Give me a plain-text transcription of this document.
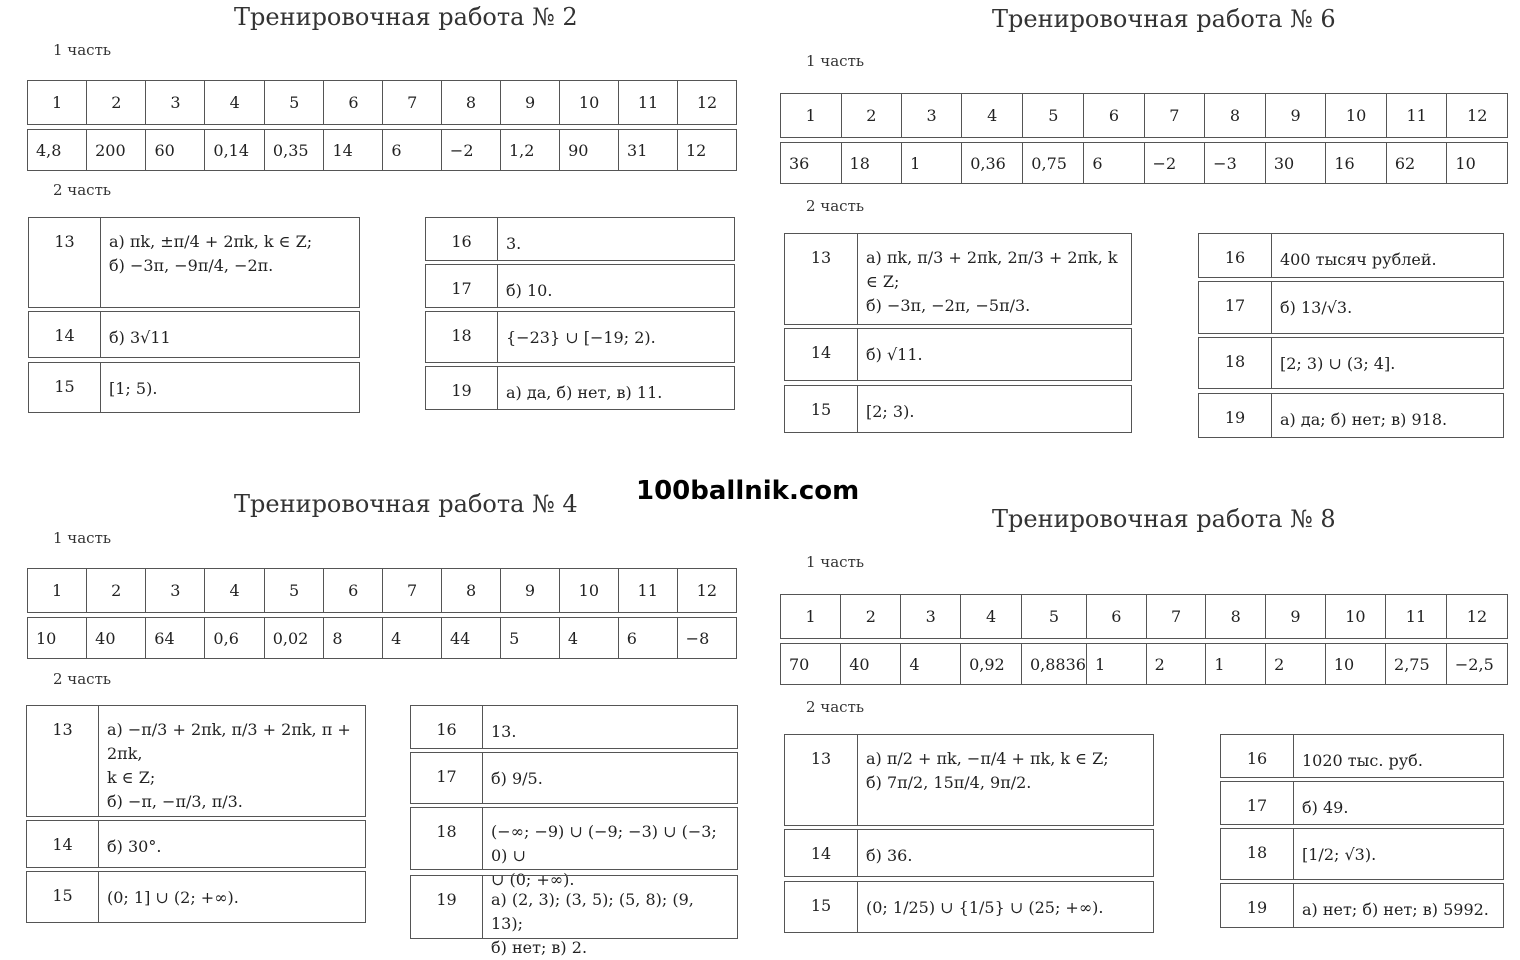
100ballnik.com
Тренировочная работа № 2
1 часть
1	2	3	4	5	6	7	8	9	10	11	12
4,8	200	60	0,14	0,35	14	6	−2	1,2	90	31	12
2 часть
13	а) πk, ±π/4 + 2πk, k ∈ Z;
б) −3π, −9π/4, −2π.
14	б) 3√11
15	[1; 5).
16	3.
17	б) 10.
18	{−23} ∪ [−19; 2).
19	а) да, б) нет, в) 11.
Тренировочная работа № 6
1 часть
1	2	3	4	5	6	7	8	9	10	11	12
36	18	1	0,36	0,75	6	−2	−3	30	16	62	10
2 часть
13	а) πk, π/3 + 2πk, 2π/3 + 2πk, k ∈ Z;
б) −3π, −2π, −5π/3.
14	б) √11.
15	[2; 3).
16	400 тысяч рублей.
17	б) 13/√3.
18	[2; 3) ∪ (3; 4].
19	а) да; б) нет; в) 918.
Тренировочная работа № 4
1 часть
1	2	3	4	5	6	7	8	9	10	11	12
10	40	64	0,6	0,02	8	4	44	5	4	6	−8
2 часть
13	а) −π/3 + 2πk, π/3 + 2πk, π + 2πk,
k ∈ Z;
б) −π, −π/3, π/3.
14	б) 30°.
15	(0; 1] ∪ (2; +∞).
16	13.
17	б) 9/5.
18	(−∞; −9) ∪ (−9; −3) ∪ (−3; 0) ∪
∪ (0; +∞).
19	а) (2, 3); (3, 5); (5, 8); (9, 13);
б) нет; в) 2.
Тренировочная работа № 8
1 часть
1	2	3	4	5	6	7	8	9	10	11	12
70	40	4	0,92	0,8836	1	2	1	2	10	2,75	−2,5
2 часть
13	а) π/2 + πk, −π/4 + πk, k ∈ Z;
б) 7π/2, 15π/4, 9π/2.
14	б) 36.
15	(0; 1/25) ∪ {1/5} ∪ (25; +∞).
16	1020 тыс. руб.
17	б) 49.
18	[1/2; √3).
19	а) нет; б) нет; в) 5992.
